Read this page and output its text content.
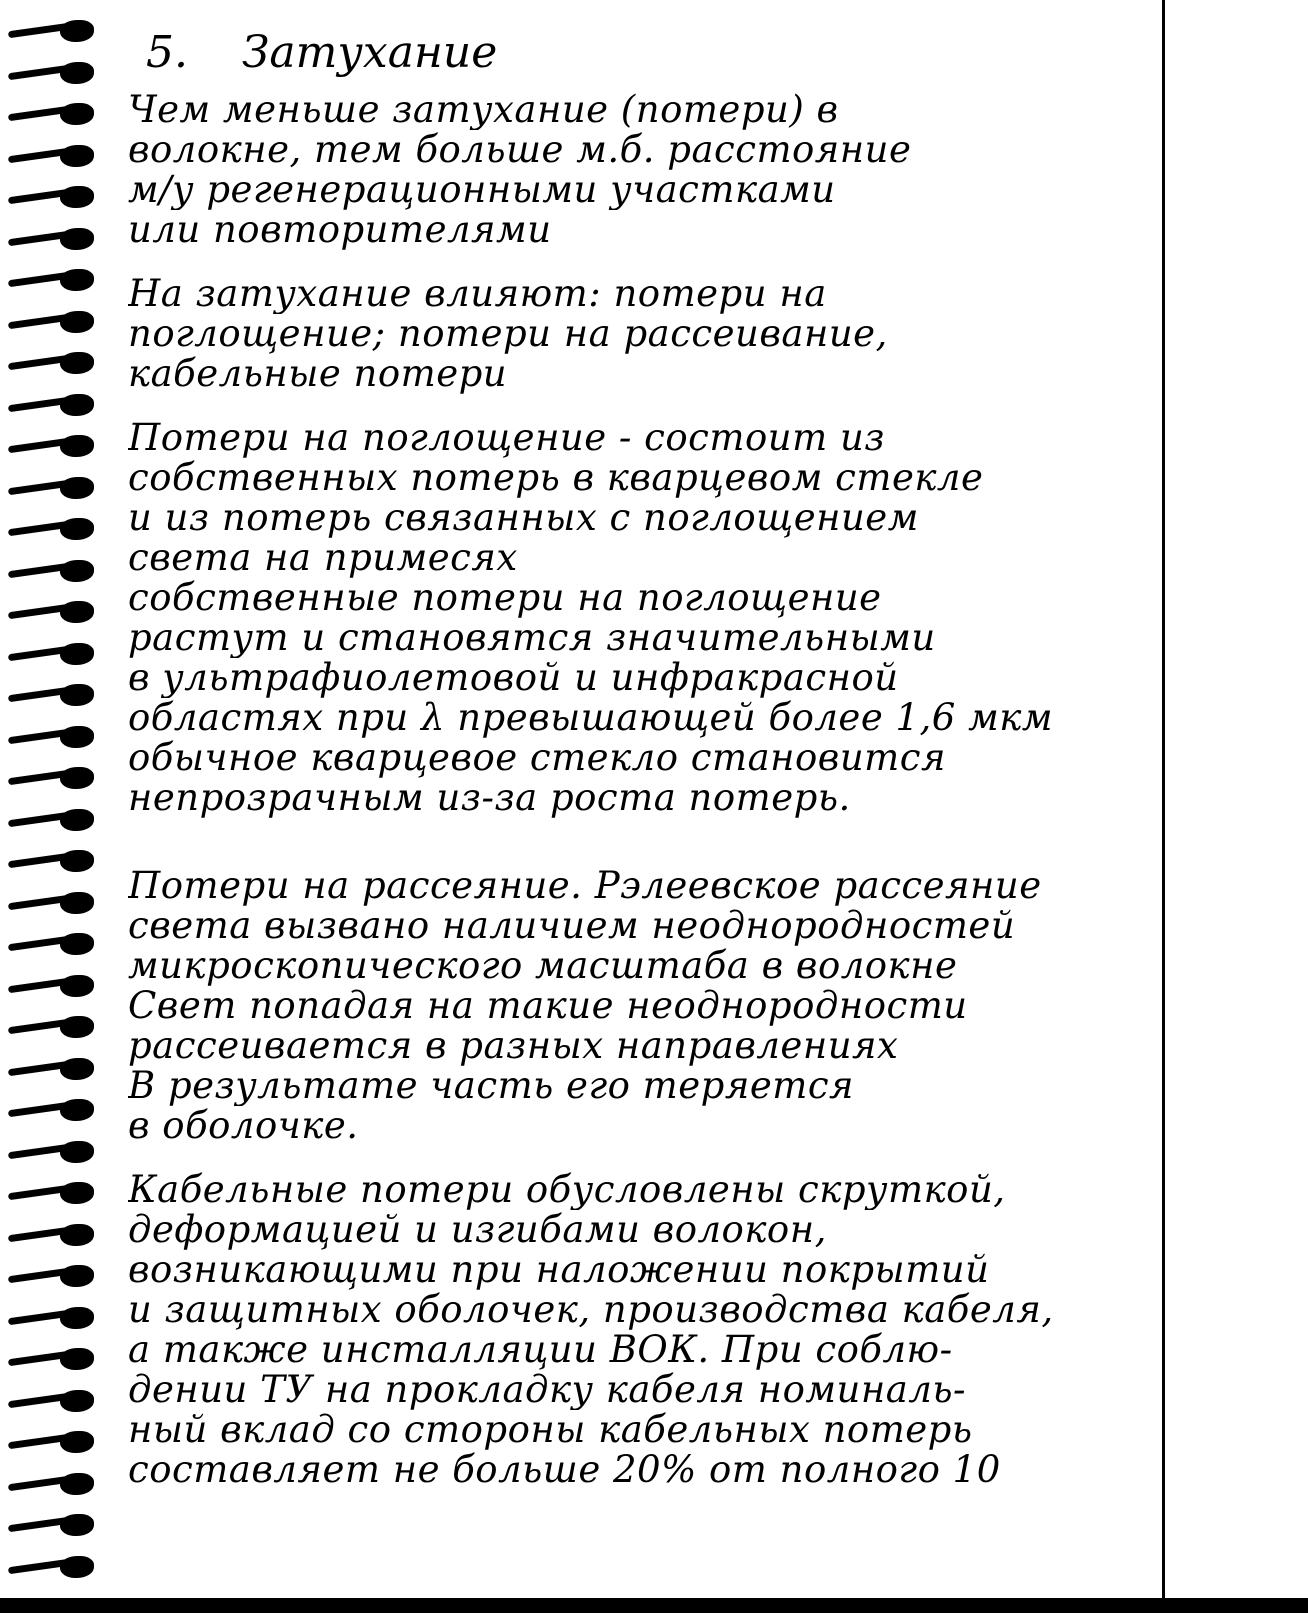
5. Затухание
Чем меньше затухание (потери) в
волокне, тем больше м.б. расстояние
м/у регенерационными участками
или повторителями
На затухание влияют: потери на
поглощение; потери на рассеивание,
кабельные потери
Потери на поглощение - состоит из
собственных потерь в кварцевом стекле
и из потерь связанных с поглощением
света на примесях
собственные потери на поглощение
растут и становятся значительными
в ультрафиолетовой и инфракрасной
областях при λ превышающей более 1,6 мкм
обычное кварцевое стекло становится
непрозрачным из-за роста потерь.
Потери на рассеяние. Рэлеевское рассеяние
света вызвано наличием неоднородностей
микроскопического масштаба в волокне
Свет попадая на такие неоднородности
рассеивается в разных направлениях
В результате часть его теряется
в оболочке.
Кабельные потери обусловлены скруткой,
деформацией и изгибами волокон,
возникающими при наложении покрытий
и защитных оболочек, производства кабеля,
а также инсталляции ВОК. При соблю-
дении ТУ на прокладку кабеля номиналь-
ный вклад со стороны кабельных потерь
составляет не больше 20% от полного 10
